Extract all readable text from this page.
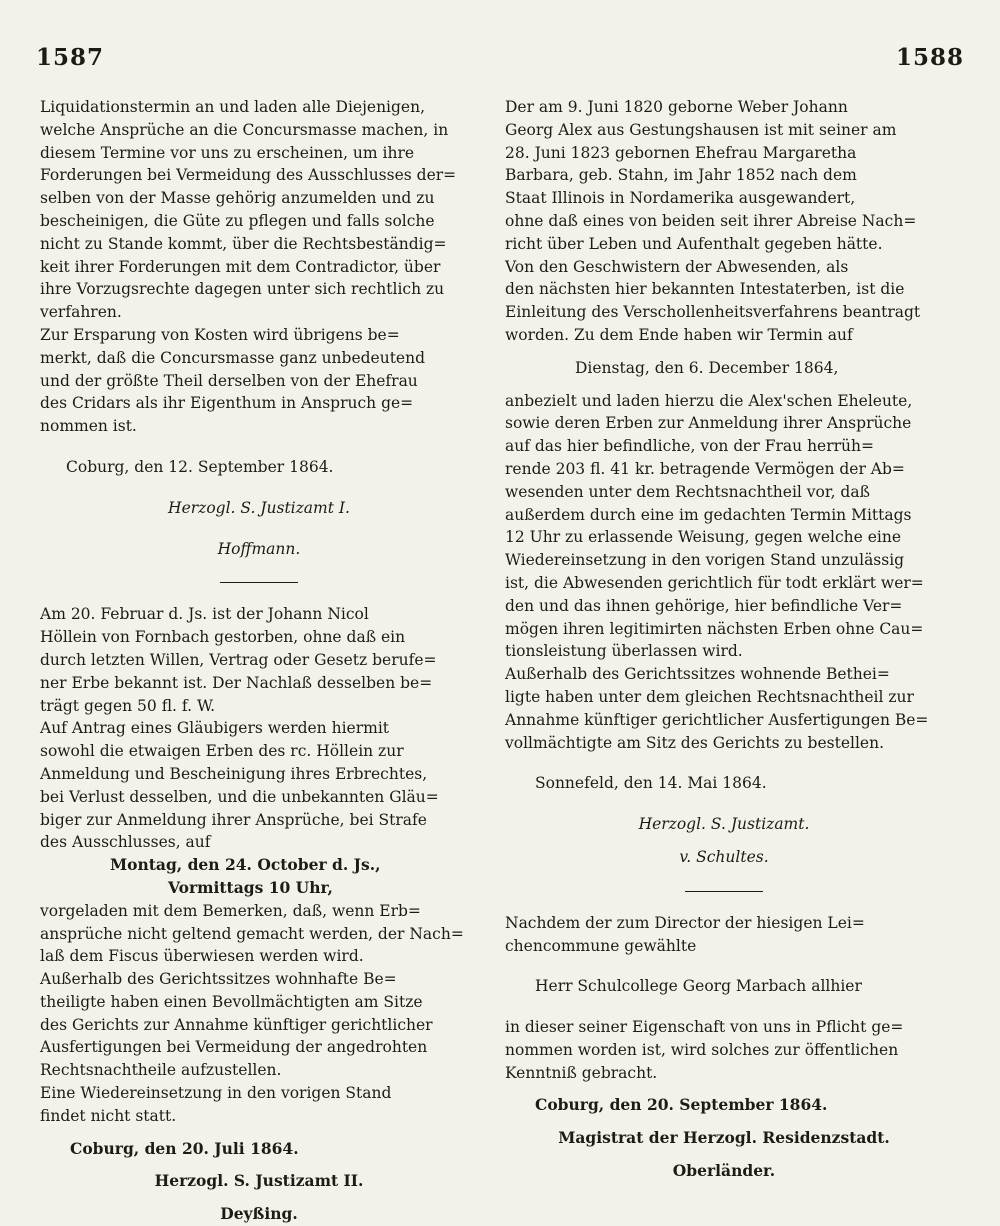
1587	1588
Liquidationstermin an und laden alle Diejenigen,
welche Ansprüche an die Concursmasse machen, in
diesem Termine vor uns zu erscheinen, um ihre
Forderungen bei Vermeidung des Ausschlusses der=
selben von der Masse gehörig anzumelden und zu
bescheinigen, die Güte zu pflegen und falls solche
nicht zu Stande kommt, über die Rechtsbeständig=
keit ihrer Forderungen mit dem Contradictor, über
ihre Vorzugsrechte dagegen unter sich rechtlich zu
verfahren.
Zur Ersparung von Kosten wird übrigens be=
merkt, daß die Concursmasse ganz unbedeutend
und der größte Theil derselben von der Ehefrau
des Cridars als ihr Eigenthum in Anspruch ge=
nommen ist.
Coburg, den 12. September 1864.
Herzogl. S. Justizamt I.
Hoffmann.
Am 20. Februar d. Js. ist der Johann Nicol
Höllein von Fornbach gestorben, ohne daß ein
durch letzten Willen, Vertrag oder Gesetz berufe=
ner Erbe bekannt ist. Der Nachlaß desselben be=
trägt gegen 50 fl. f. W.
Auf Antrag eines Gläubigers werden hiermit
sowohl die etwaigen Erben des rc. Höllein zur
Anmeldung und Bescheinigung ihres Erbrechtes,
bei Verlust desselben, und die unbekannten Gläu=
biger zur Anmeldung ihrer Ansprüche, bei Strafe
des Ausschlusses, auf
Montag, den 24. October d. Js.,
Vormittags 10 Uhr,
vorgeladen mit dem Bemerken, daß, wenn Erb=
ansprüche nicht geltend gemacht werden, der Nach=
laß dem Fiscus überwiesen werden wird.
Außerhalb des Gerichtssitzes wohnhafte Be=
theiligte haben einen Bevollmächtigten am Sitze
des Gerichts zur Annahme künftiger gerichtlicher
Ausfertigungen bei Vermeidung der angedrohten
Rechtsnachtheile aufzustellen.
Eine Wiedereinsetzung in den vorigen Stand
findet nicht statt.
Coburg, den 20. Juli 1864.
Herzogl. S. Justizamt II.
Deyßing.
Der am 9. Juni 1820 geborne Weber Johann
Georg Alex aus Gestungshausen ist mit seiner am
28. Juni 1823 gebornen Ehefrau Margaretha
Barbara, geb. Stahn, im Jahr 1852 nach dem
Staat Illinois in Nordamerika ausgewandert,
ohne daß eines von beiden seit ihrer Abreise Nach=
richt über Leben und Aufenthalt gegeben hätte.
Von den Geschwistern der Abwesenden, als
den nächsten hier bekannten Intestaterben, ist die
Einleitung des Verschollenheitsverfahrens beantragt
worden. Zu dem Ende haben wir Termin auf
Dienstag, den 6. December 1864,
anbezielt und laden hierzu die Alex'schen Eheleute,
sowie deren Erben zur Anmeldung ihrer Ansprüche
auf das hier befindliche, von der Frau herrüh=
rende 203 fl. 41 kr. betragende Vermögen der Ab=
wesenden unter dem Rechtsnachtheil vor, daß
außerdem durch eine im gedachten Termin Mittags
12 Uhr zu erlassende Weisung, gegen welche eine
Wiedereinsetzung in den vorigen Stand unzulässig
ist, die Abwesenden gerichtlich für todt erklärt wer=
den und das ihnen gehörige, hier befindliche Ver=
mögen ihren legitimirten nächsten Erben ohne Cau=
tionsleistung überlassen wird.
Außerhalb des Gerichtssitzes wohnende Bethei=
ligte haben unter dem gleichen Rechtsnachtheil zur
Annahme künftiger gerichtlicher Ausfertigungen Be=
vollmächtigte am Sitz des Gerichts zu bestellen.
Sonnefeld, den 14. Mai 1864.
Herzogl. S. Justizamt.
v. Schultes.
Nachdem der zum Director der hiesigen Lei=
chencommune gewählte
Herr Schulcollege Georg Marbach allhier
in dieser seiner Eigenschaft von uns in Pflicht ge=
nommen worden ist, wird solches zur öffentlichen
Kenntniß gebracht.
Coburg, den 20. September 1864.
Magistrat der Herzogl. Residenzstadt.
Oberländer.
